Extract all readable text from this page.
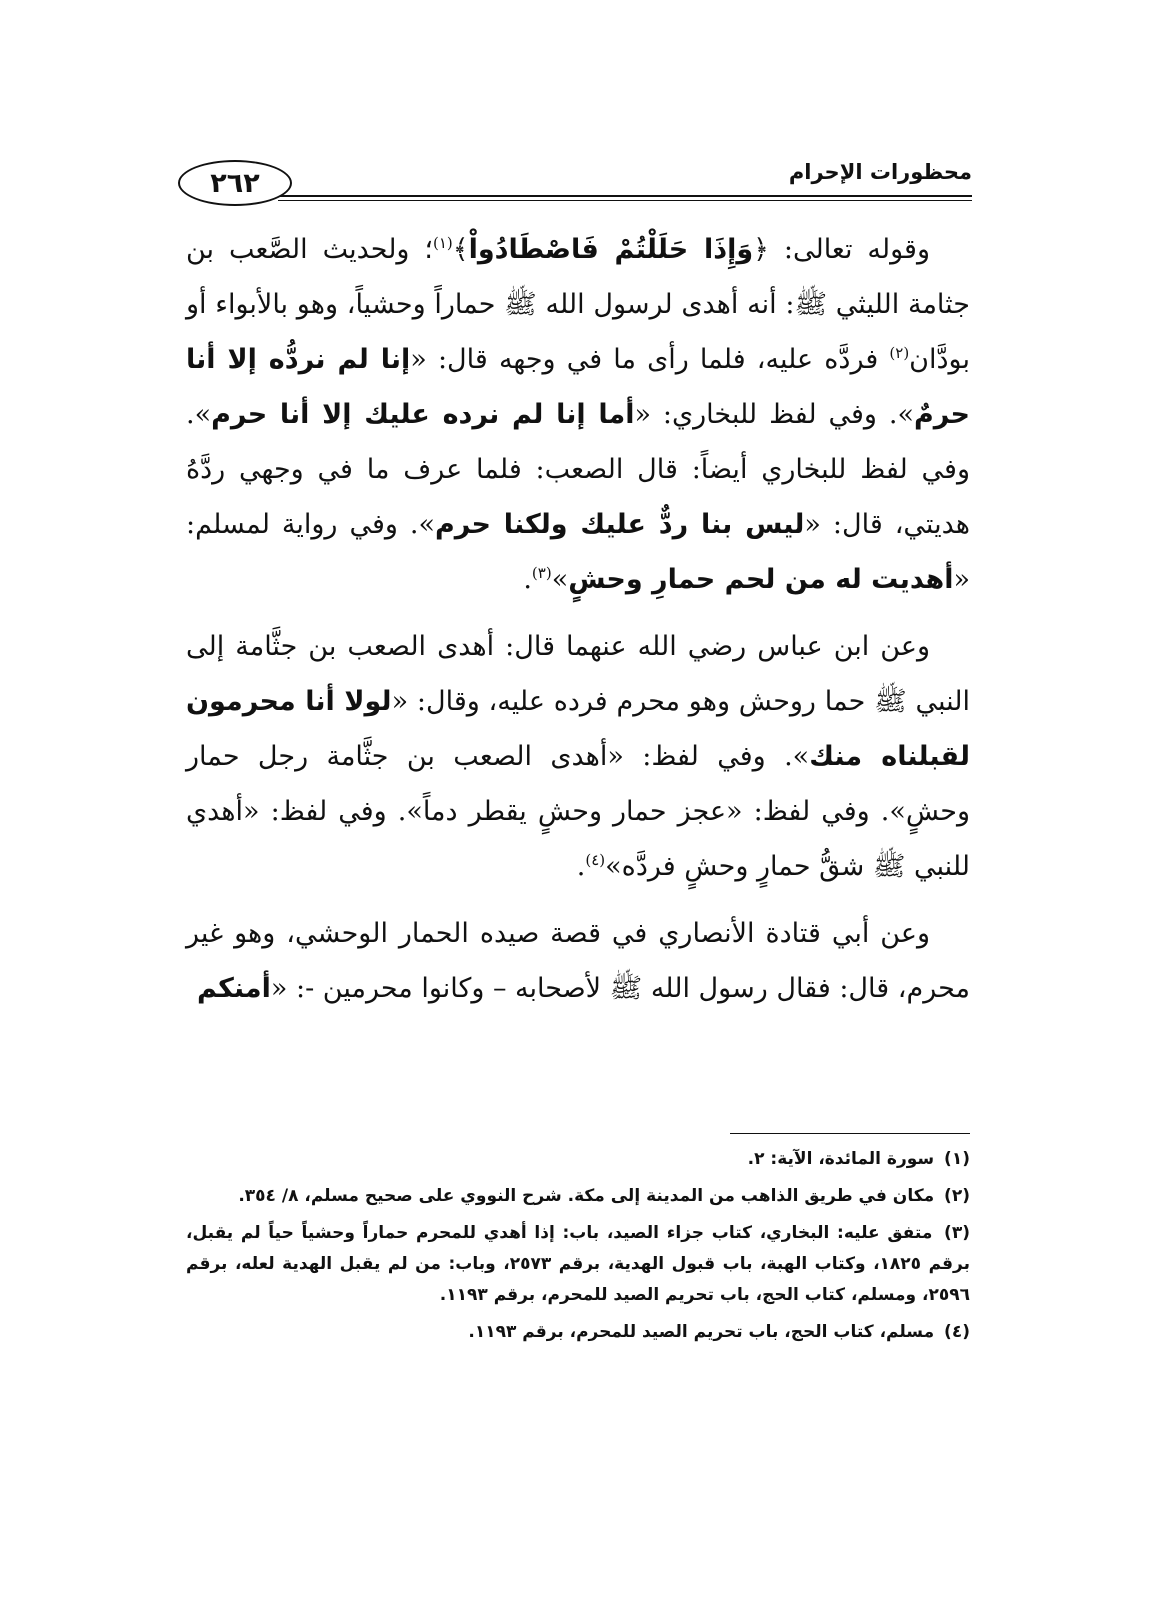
٢٦٢	محظورات الإحرام

وقوله تعالى: ﴿وَإِذَا حَلَلْتُمْ فَاصْطَادُواْ﴾$^{(١)}$؛ ولحديث الصَّعب بن جثامة الليثي ﷺ: أنه أهدى لرسول الله ﷺ حماراً وحشياً، وهو بالأبواء أو بودَّان$^{(٢)}$ فردَّه عليه، فلما رأى ما في وجهه قال: «إنا لم نردُّه إلا أنا حرمٌ». وفي لفظ للبخاري: «أما إنا لم نرده عليك إلا أنا حرم». وفي لفظ للبخاري أيضاً: قال الصعب: فلما عرف ما في وجهي ردَّهُ هديتي، قال: «ليس بنا ردٌّ عليك ولكنا حرم». وفي رواية لمسلم: «أهديت له من لحم حمارِ وحشٍ»$^{(٣)}$.

وعن ابن عباس رضي الله عنهما قال: أهدى الصعب بن جثَّامة إلى النبي ﷺ حما روحش وهو محرم فرده عليه، وقال: «لولا أنا محرمون لقبلناه منك». وفي لفظ: «أهدى الصعب بن جثَّامة رجل حمار وحشٍ». وفي لفظ: «عجز حمار وحشٍ يقطر دماً». وفي لفظ: «أهدي للنبي ﷺ شقُّ حمارٍ وحشٍ فردَّه»$^{(٤)}$.

وعن أبي قتادة الأنصاري في قصة صيده الحمار الوحشي، وهو غير محرم، قال: فقال رسول الله ﷺ لأصحابه – وكانوا محرمين -: «أمنكم

(١) سورة المائدة، الآية: ٢.
(٢) مكان في طريق الذاهب من المدينة إلى مكة. شرح النووي على صحيح مسلم، ٨/ ٣٥٤.
(٣) متفق عليه: البخاري، كتاب جزاء الصيد، باب: إذا أهدي للمحرم حماراً وحشياً حياً لم يقبل، برقم ١٨٢٥، وكتاب الهبة، باب قبول الهدية، برقم ٢٥٧٣، وباب: من لم يقبل الهدية لعله، برقم ٢٥٩٦، ومسلم، كتاب الحج، باب تحريم الصيد للمحرم، برقم ١١٩٣.
(٤) مسلم، كتاب الحج، باب تحريم الصيد للمحرم، برقم ١١٩٣.
